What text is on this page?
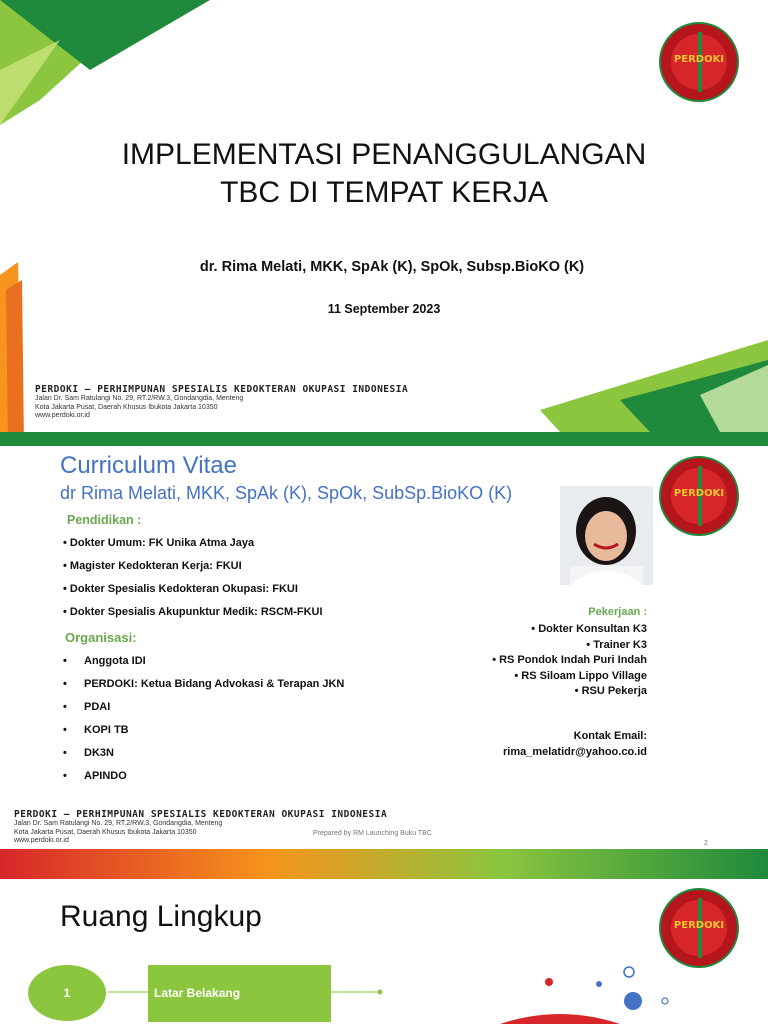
PERDOKI
IMPLEMENTASI PENANGGULANGAN
TBC DI TEMPAT KERJA
dr. Rima Melati, MKK, SpAk (K), SpOk, Subsp.BioKO (K)
11 September 2023
PERDOKI – PERHIMPUNAN SPESIALIS KEDOKTERAN OKUPASI INDONESIA
Jalan Dr. Sam Ratulangi No. 29, RT.2/RW.3, Gondangdia, Menteng
Kota Jakarta Pusat, Daerah Khusus Ibukota Jakarta 10350
www.perdoki.or.id
Curriculum Vitae
dr Rima Melati, MKK, SpAk (K), SpOk, SubSp.BioKO (K)	PERDOKI
Pendidikan :
• Dokter Umum: FK Unika Atma Jaya
• Magister Kedokteran Kerja: FKUI
• Dokter Spesialis Kedokteran Okupasi: FKUI
• Dokter Spesialis Akupunktur Medik: RSCM-FKUI
Organisasi:
• Anggota IDI
• PERDOKI: Ketua Bidang Advokasi & Terapan JKN
• PDAI
• KOPI TB
• DK3N
• APINDO
Pekerjaan :
• Dokter Konsultan K3
• Trainer K3
• RS Pondok Indah Puri Indah
• RS Siloam Lippo Village
• RSU Pekerja
Kontak Email:
rima_melatidr@yahoo.co.id
PERDOKI – PERHIMPUNAN SPESIALIS KEDOKTERAN OKUPASI INDONESIA
Jalan Dr. Sam Ratulangi No. 29, RT.2/RW.3, Gondangdia, Menteng
Kota Jakarta Pusat, Daerah Khusus Ibukota Jakarta 10350
www.perdoki.or.id
Prepared by RM Launching Buku TBC
2
Ruang Lingkup	PERDOKI
1	Latar Belakang
